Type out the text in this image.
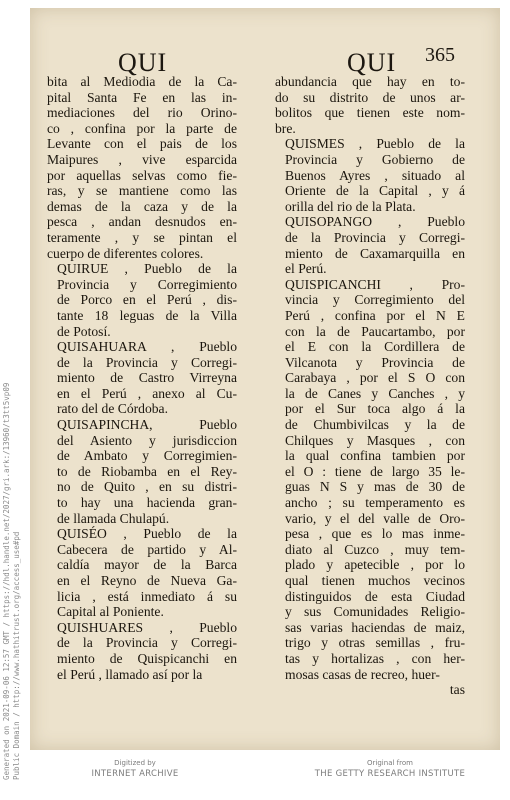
QUI	QUI 365

bita al Mediodia de la Ca-
pital Santa Fe en las in-
mediaciones del rio Orino-
co , confina por la parte de
Levante con el pais de los
Maipures , vive esparcida
por aquellas selvas como fie-
ras, y se mantiene como las
demas de la caza y de la
pesca , andan desnudos en-
teramente , y se pintan el
cuerpo de diferentes colores.

QUIRUE , Pueblo de la
Provincia y Corregimiento
de Porco en el Perú , dis-
tante 18 leguas de la Villa
de Potosí.

QUISAHUARA , Pueblo
de la Provincia y Corregi-
miento de Castro Virreyna
en el Perú , anexo al Cu-
rato del de Córdoba.

QUISAPINCHA, Pueblo
del Asiento y jurisdiccion
de Ambato y Corregimien-
to de Riobamba en el Rey-
no de Quito , en su distri-
to hay una hacienda gran-
de llamada Chulapú.

QUISÉO , Pueblo de la
Cabecera de partido y Al-
caldía mayor de la Barca
en el Reyno de Nueva Ga-
licia , está inmediato á su
Capital al Poniente.

QUISHUARES , Pueblo
de la Provincia y Corregi-
miento de Quispicanchi en
el Perú , llamado así por la

abundancia que hay en to-
do su distrito de unos ar-
bolitos que tienen este nom-
bre.

QUISMES , Pueblo de la
Provincia y Gobierno de
Buenos Ayres , situado al
Oriente de la Capital , y á
orilla del rio de la Plata.

QUISOPANGO , Pueblo
de la Provincia y Corregi-
miento de Caxamarquilla en
el Perú.

QUISPICANCHI , Pro-
vincia y Corregimiento del
Perú , confina por el N E
con la de Paucartambo, por
el E con la Cordillera de
Vilcanota y Provincia de
Carabaya , por el S O con
la de Canes y Canches , y
por el Sur toca algo á la
de Chumbivilcas y la de
Chilques y Masques , con
la qual confina tambien por
el O : tiene de largo 35 le-
guas N S y mas de 30 de
ancho ; su temperamento es
vario, y el del valle de Oro-
pesa , que es lo mas inme-
diato al Cuzco , muy tem-
plado y apetecible , por lo
qual tienen muchos vecinos
distinguidos de esta Ciudad
y sus Comunidades Religio-
sas varias haciendas de maiz,
trigo y otras semillas , fru-
tas y hortalizas , con her-
mosas casas de recreo, huer-

tas
Generated on 2021-09-06 12:57 GMT / https://hdl.handle.net/2027/gri.ark:/13960/t3tt5vp09 Public Domain / http://www.hathitrust.org/access_use#pd	Digitized by
INTERNET ARCHIVE
Original from
THE GETTY RESEARCH INSTITUTE
